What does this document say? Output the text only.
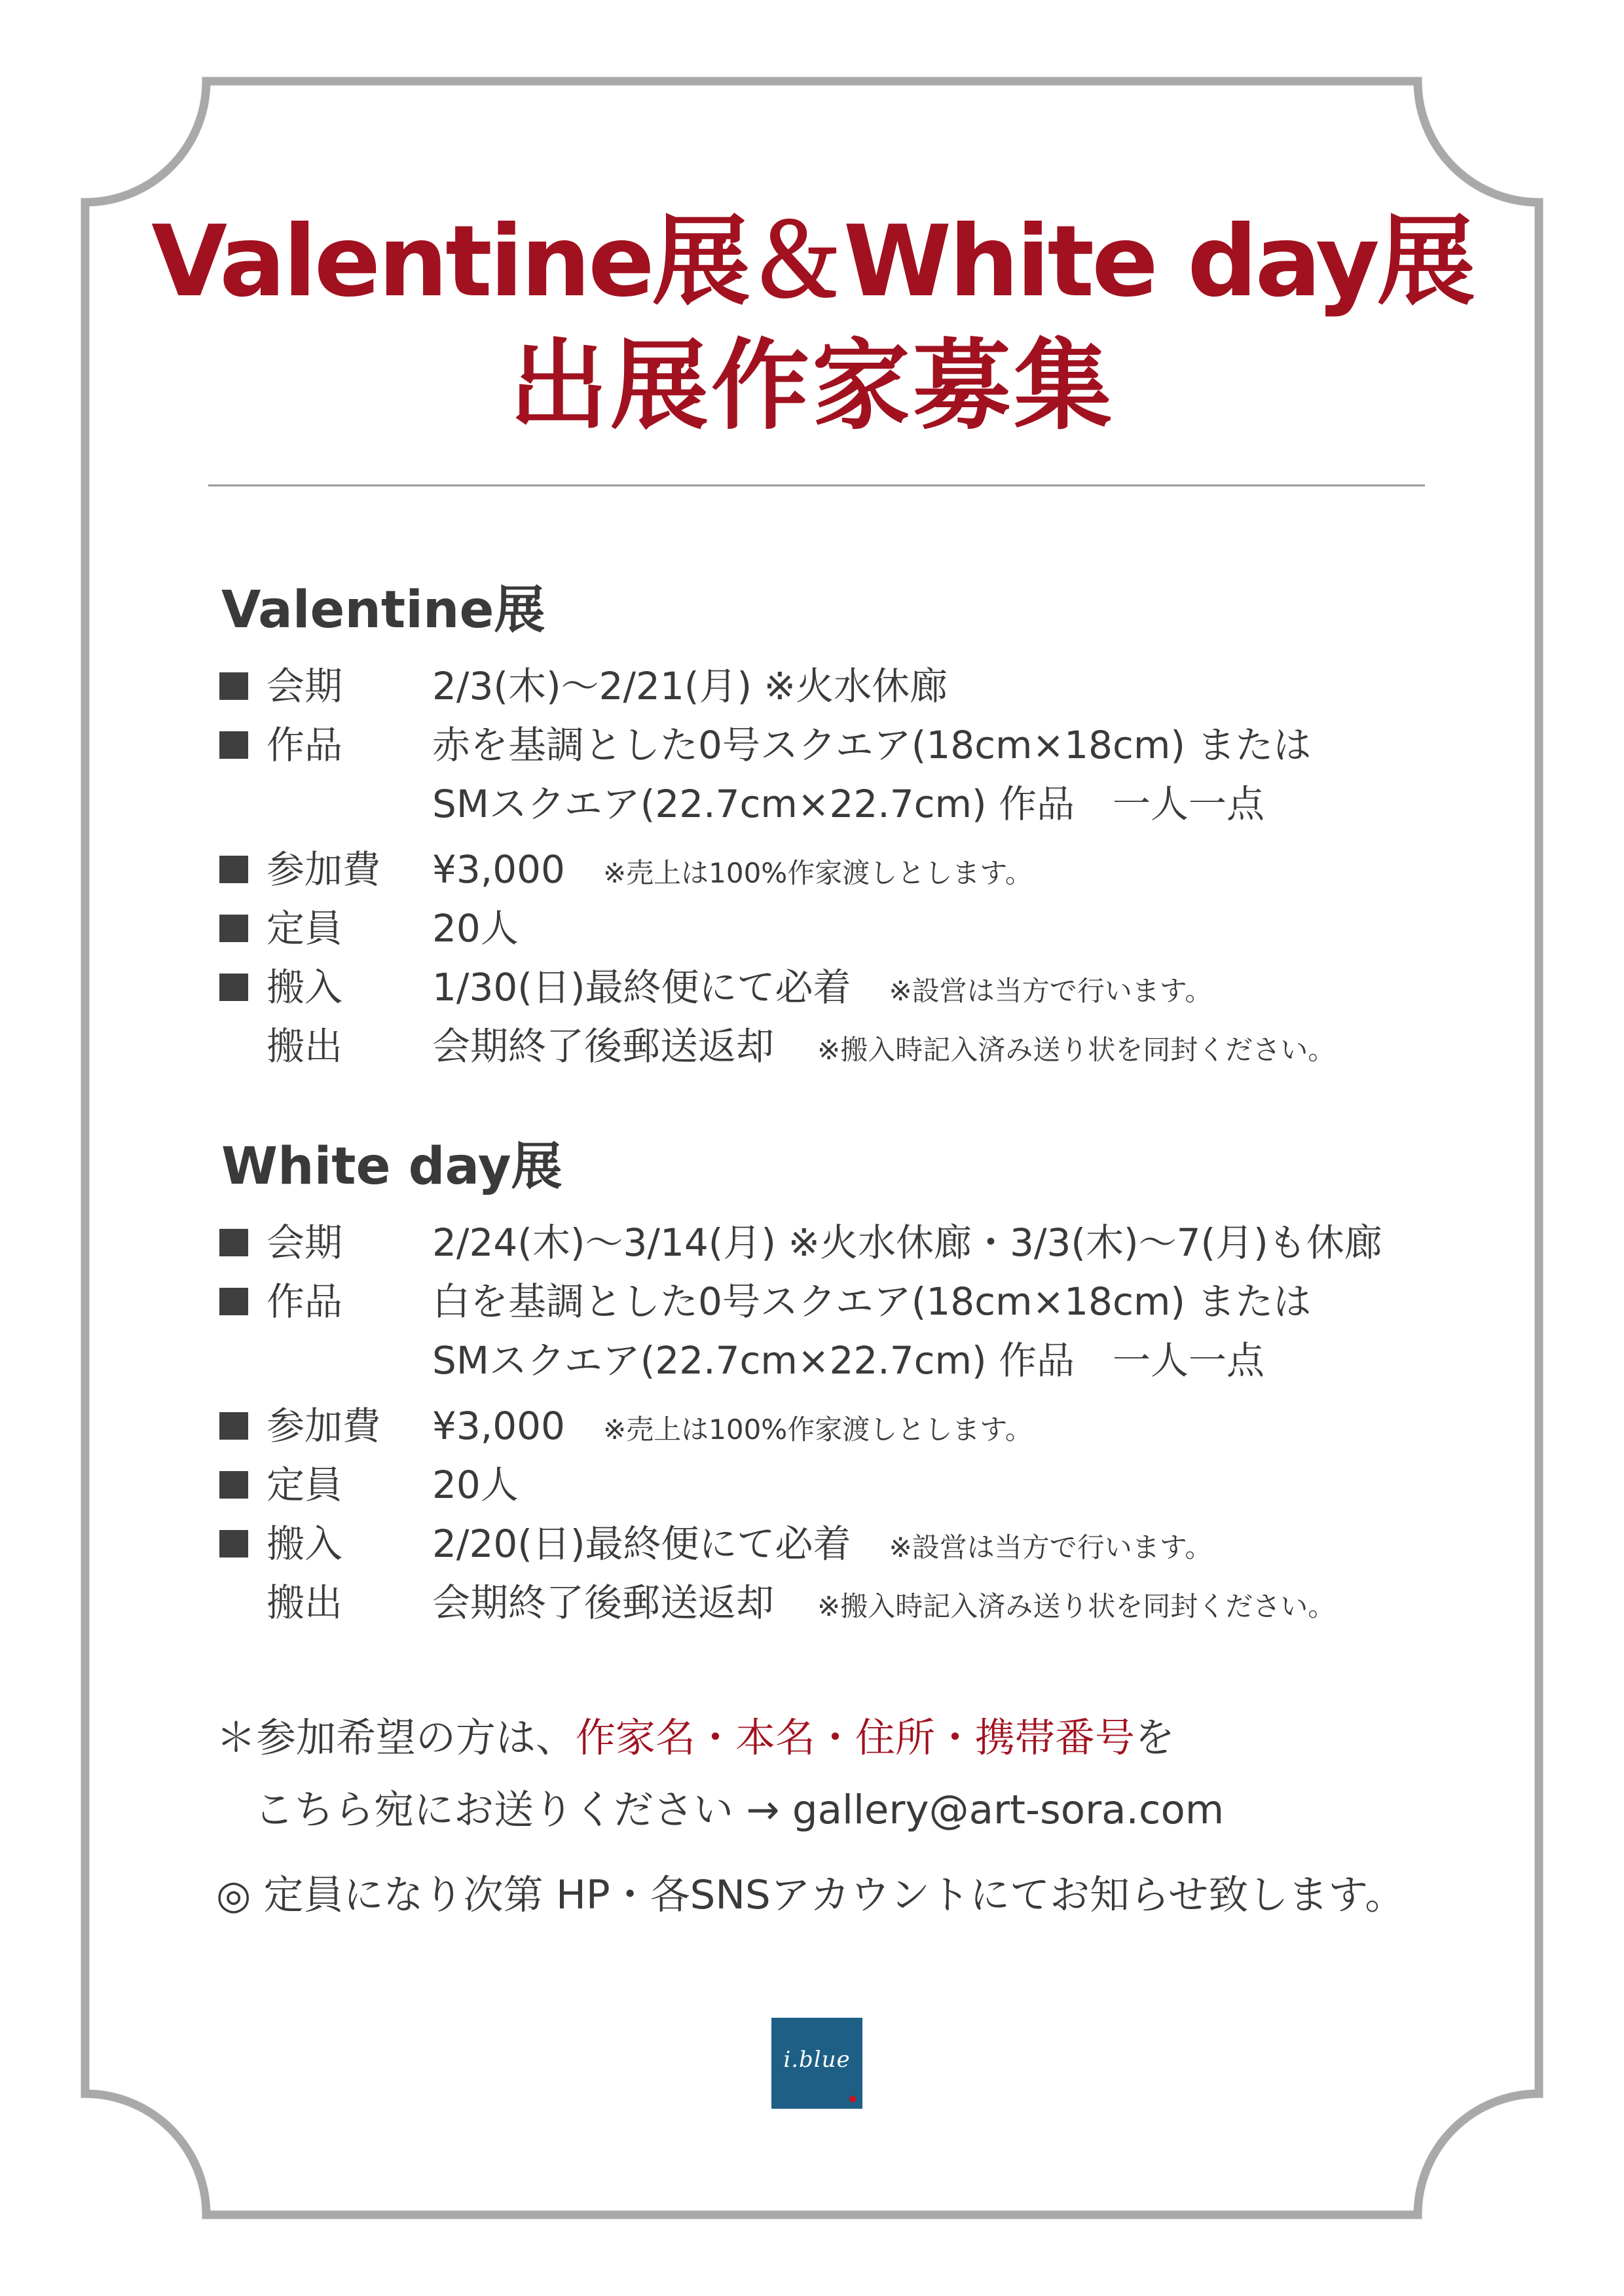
Valentine展＆White day展
出展作家募集
Valentine展
会期 2/3(木)〜2/21(月) ※火水休廊
作品 赤を基調とした0号スクエア(18cm×18cm) または
SMスクエア(22.7cm×22.7cm) 作品　一人一点
参加費 ¥3,000 ※売上は100%作家渡しとします。
定員 20人
搬入 1/30(日)最終便にて必着 ※設営は当方で行います。
搬出 会期終了後郵送返却 ※搬入時記入済み送り状を同封ください。
White day展
会期 2/24(木)〜3/14(月) ※火水休廊・3/3(木)〜7(月)も休廊
作品 白を基調とした0号スクエア(18cm×18cm) または
SMスクエア(22.7cm×22.7cm) 作品　一人一点
参加費 ¥3,000 ※売上は100%作家渡しとします。
定員 20人
搬入 2/20(日)最終便にて必着 ※設営は当方で行います。
搬出 会期終了後郵送返却 ※搬入時記入済み送り状を同封ください。
＊参加希望の方は、作家名・本名・住所・携帯番号を
こちら宛にお送りください → gallery@art-sora.com
◎ 定員になり次第 HP・各SNSアカウントにてお知らせ致します。
i.blue
